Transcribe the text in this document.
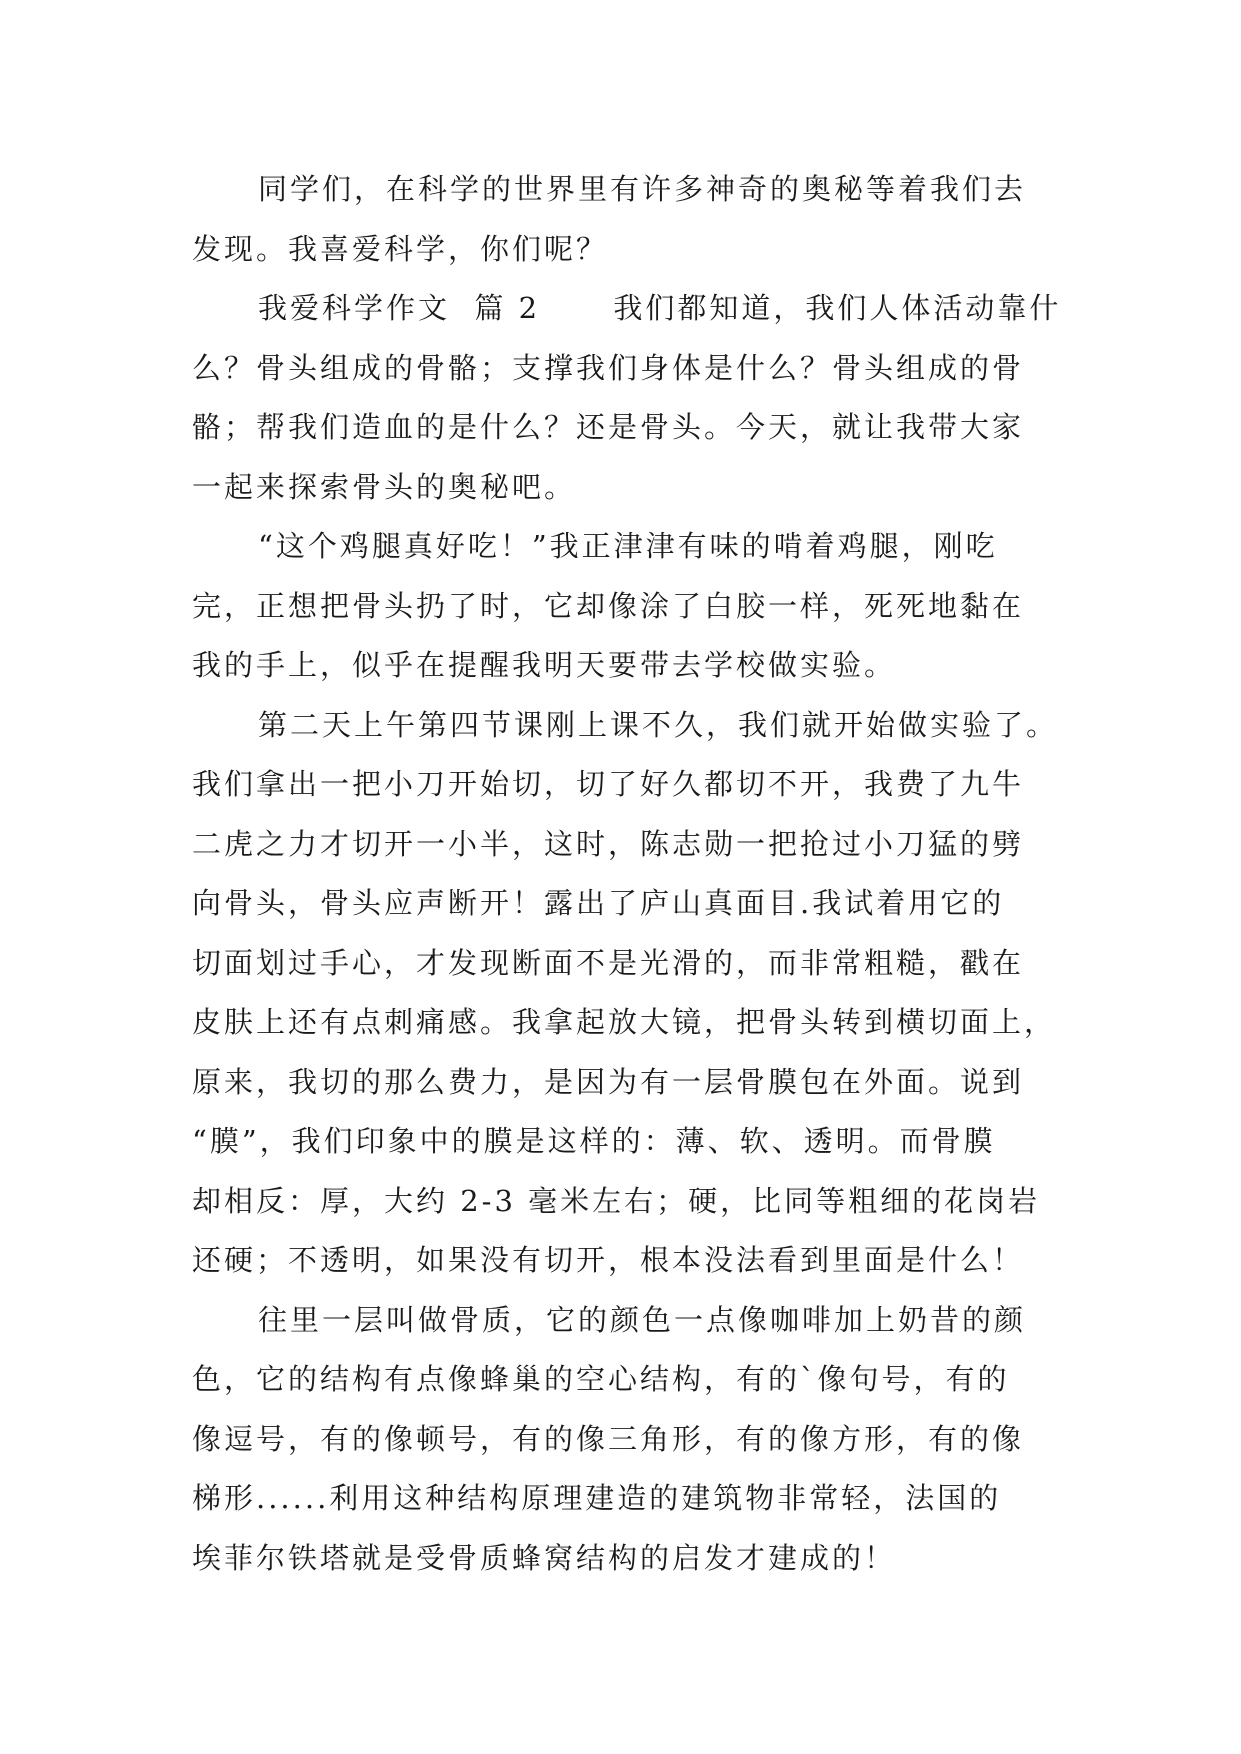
同学们，在科学的世界里有许多神奇的奥秘等着我们去
发现。我喜爱科学，你们呢？
我爱科学作文  篇 2      我们都知道，我们人体活动靠什
么？骨头组成的骨骼；支撑我们身体是什么？骨头组成的骨
骼；帮我们造血的是什么？还是骨头。今天，就让我带大家
一起来探索骨头的奥秘吧。
“这个鸡腿真好吃！”我正津津有味的啃着鸡腿，刚吃
完，正想把骨头扔了时，它却像涂了白胶一样，死死地黏在
我的手上，似乎在提醒我明天要带去学校做实验。
第二天上午第四节课刚上课不久，我们就开始做实验了。
我们拿出一把小刀开始切，切了好久都切不开，我费了九牛
二虎之力才切开一小半，这时，陈志勋一把抢过小刀猛的劈
向骨头，骨头应声断开！露出了庐山真面目.我试着用它的
切面划过手心，才发现断面不是光滑的，而非常粗糙，戳在
皮肤上还有点刺痛感。我拿起放大镜，把骨头转到横切面上，
原来，我切的那么费力，是因为有一层骨膜包在外面。说到
“膜”，我们印象中的膜是这样的：薄、软、透明。而骨膜
却相反：厚，大约 2-3 毫米左右；硬，比同等粗细的花岗岩
还硬；不透明，如果没有切开，根本没法看到里面是什么！
往里一层叫做骨质，它的颜色一点像咖啡加上奶昔的颜
色，它的结构有点像蜂巢的空心结构，有的`像句号，有的
像逗号，有的像顿号，有的像三角形，有的像方形，有的像
梯形......利用这种结构原理建造的建筑物非常轻，法国的
埃菲尔铁塔就是受骨质蜂窝结构的启发才建成的！
